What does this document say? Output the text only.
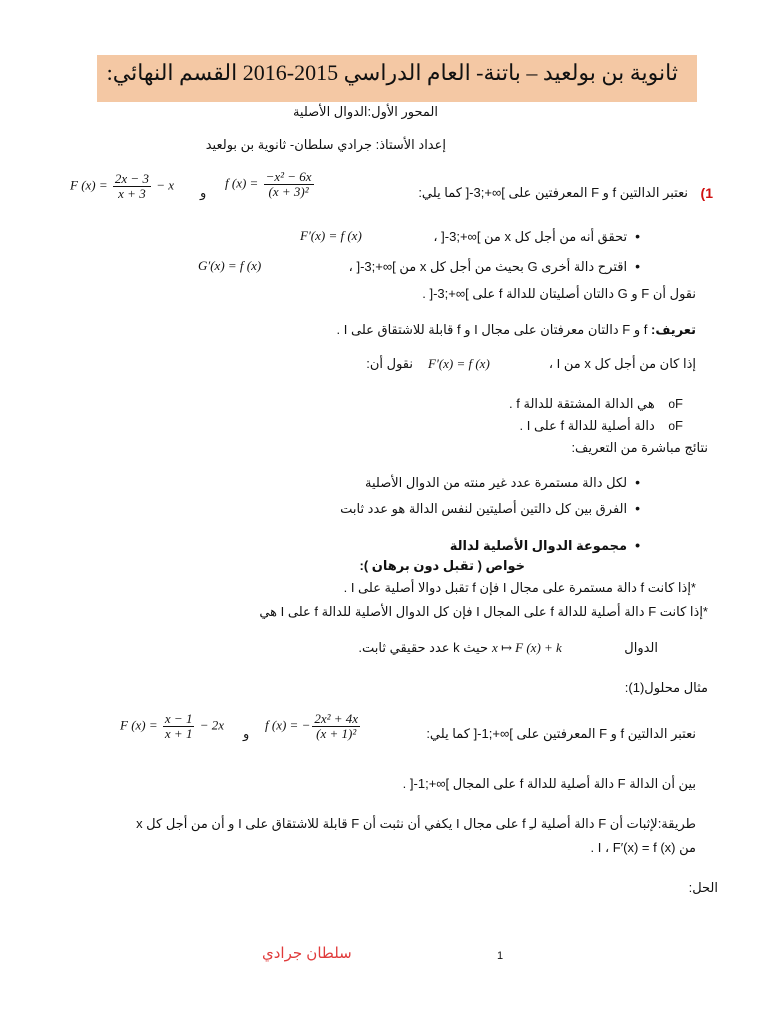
ثانوية بن بولعيد – باتنة- العام الدراسي 2015-2016 القسم النهائي:
المحور الأول:الدوال الأصلية
إعداد الأستاذ: جرادي سلطان- ثانوية بن بولعيد
1)
نعتبر الدالتين f و F المعرفتين على ]∞+;3-[ كما يلي:
f $(x) = \frac{\text{−x² − 6x}}{\text{(x + 3)²}}$
و
F $(x) = \frac{2x - 3}{x + 3} - x$
• تحقق أنه من أجل كل x من ]∞+;3-[ ،
F′(x) = f (x)
• اقترح دالة أخرى G بحيث من أجل كل x من ]∞+;3-[ ،
G′(x) = f (x)
نقول أن F و G دالتان أصليتان للدالة f على ]∞+;3-[ .
تعريف: f و F دالتان معرفتان على مجال I و f قابلة للاشتقاق على I .
إذا كان من أجل كل x من I ،
F′(x) = f (x)
نقول أن:
o F هي الدالة المشتقة للدالة f .
o F دالة أصلية للدالة f على I .
نتائج مباشرة من التعريف:
• لكل دالة مستمرة عدد غير منته من الدوال الأصلية
• الفرق بين كل دالتين أصليتين لنفس الدالة هو عدد ثابت
• مجموعة الدوال الأصلية لدالة
خواص ( تقبل دون برهان ):
*إذا كانت f دالة مستمرة على مجال I فإن f تقبل دوالا أصلية على I .
*إذا كانت F دالة أصلية للدالة f على المجال I فإن كل الدوال الأصلية للدالة f على I هي
الدوال
x ↦ F (x) + k
حيث k عدد حقيقي ثابت.
مثال محلول(1):
نعتبر الدالتين f و F المعرفتين على ]∞+;1-[ كما يلي:
f (x) = − $\frac{\text{2x² + 4x}}{\text{(x + 1)²}}$
و
F $(x) = \frac{x - 1}{x + 1} - 2x$
بين أن الدالة F دالة أصلية للدالة f على المجال ]∞+;1-[ .
طريقة:لإثبات أن F دالة أصلية لـِ f على مجال I يكفي أن نثبت أن F قابلة للاشتقاق على I و أن من أجل كل x
من I ، F′(x) = f (x) .
الحل:
سلطان جرادي	1
